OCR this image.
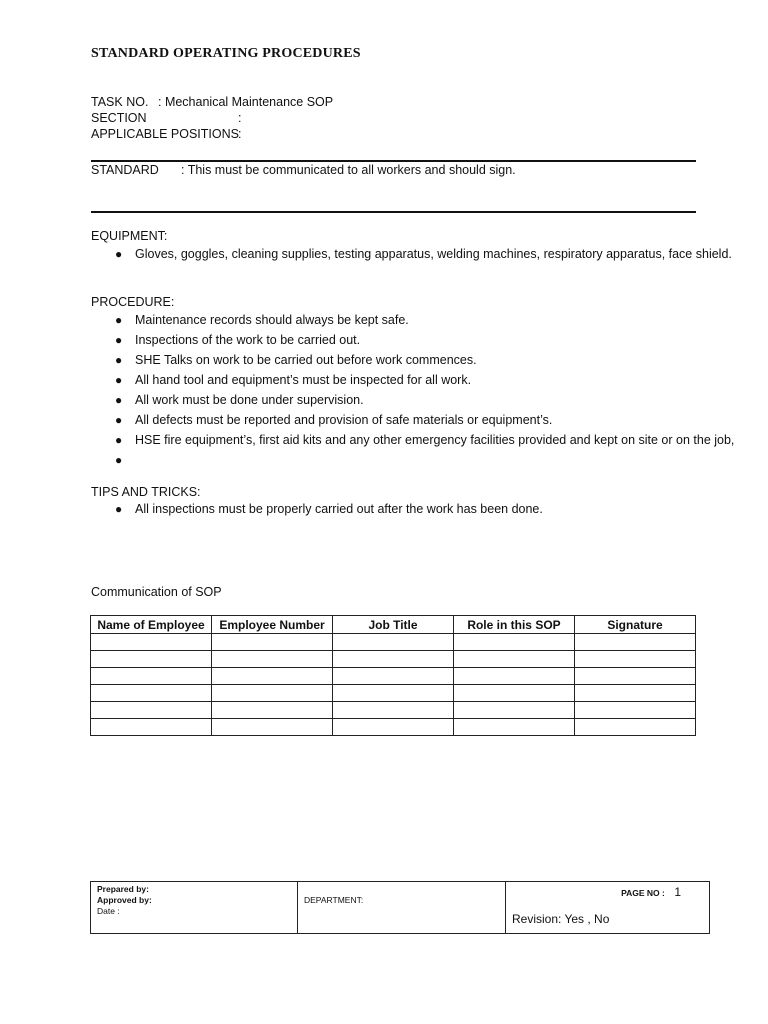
STANDARD OPERATING PROCEDURES
TASK NO. : Mechanical Maintenance SOP
SECTION	:
APPLICABLE POSITIONS :
STANDARD : This must be communicated to all workers and should sign.
EQUIPMENT:
● Gloves, goggles, cleaning supplies, testing apparatus, welding machines, respiratory apparatus, face shield.
PROCEDURE:
● Maintenance records should always be kept safe.
● Inspections of the work to be carried out.
● SHE Talks on work to be carried out before work commences.
● All hand tool and equipment’s must be inspected for all work.
● All work must be done under supervision.
● All defects must be reported and provision of safe materials or equipment’s.
● HSE fire equipment’s, first aid kits and any other emergency facilities provided and kept on site or on the job,
●
TIPS AND TRICKS:
● All inspections must be properly carried out after the work has been done.
Communication of SOP
Name of Employee	Employee Number	Job Title	Role in this SOP	Signature

Prepared by:
Approved by:
Date :

DEPARTMENT:

PAGE NO : 1
Revision: Yes , No
